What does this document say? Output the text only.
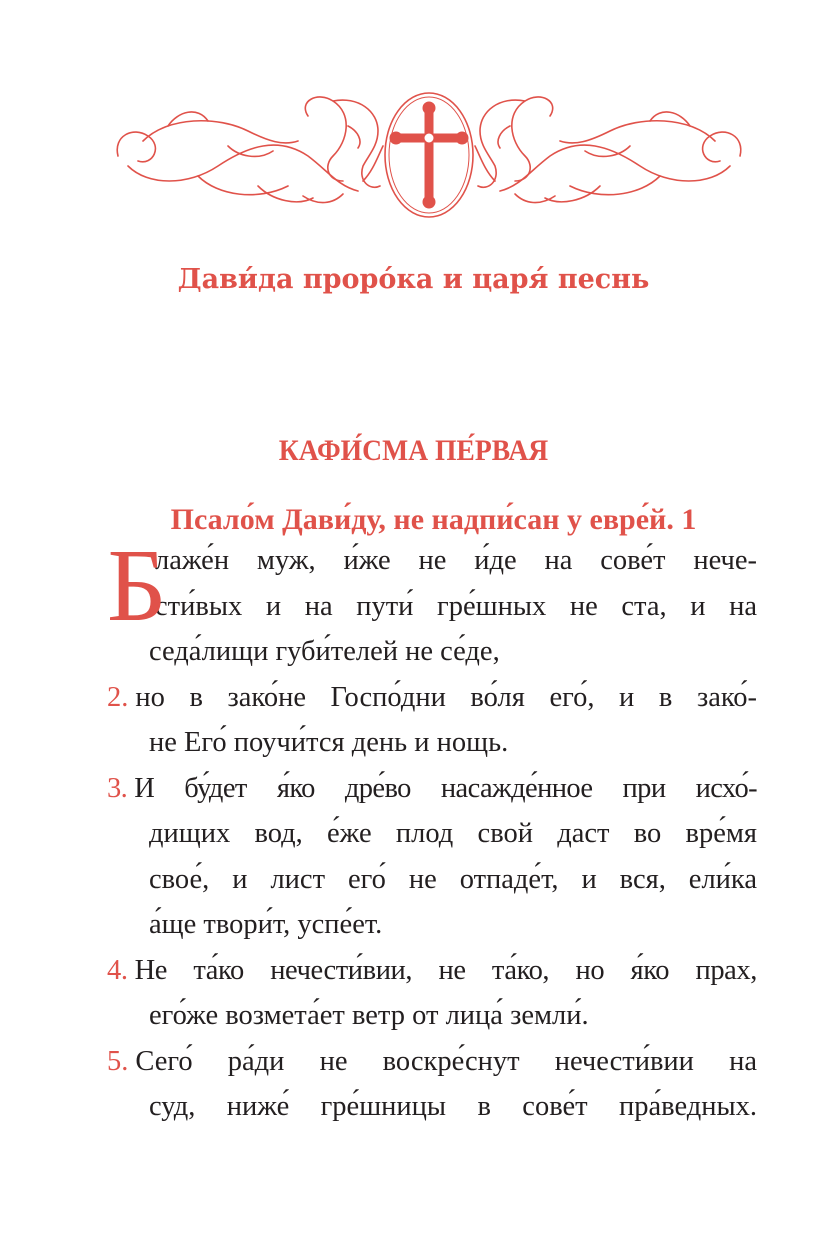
Дави́да проро́ка и царя́ песнь
КАФИ́СМА ПЕ́РВАЯ
Псало́м Дави́ду, не надпи́сан у евре́й. 1
Б
лаже́н муж, и́же не и́де на сове́т нече-
сти́вых и на пути́ гре́шных не ста, и на
седа́лищи губи́телей не се́де,
2. но в зако́не Госпо́дни во́ля его́, и в зако́-
не Его́ поучи́тся день и нощь.
3. И бу́дет я́ко дре́во насажде́нное при исхо́-
дищих вод, е́же плод свой даст во вре́мя
свое́, и лист его́ не отпаде́т, и вся, ели́ка
а́ще твори́т, успе́ет.
4. Не та́ко нечести́вии, не та́ко, но я́ко прах,
его́же возмета́ет ветр от лица́ земли́.
5. Сего́ ра́ди не воскре́снут нечести́вии на
суд, ниже́ гре́шницы в сове́т пра́ведных.
